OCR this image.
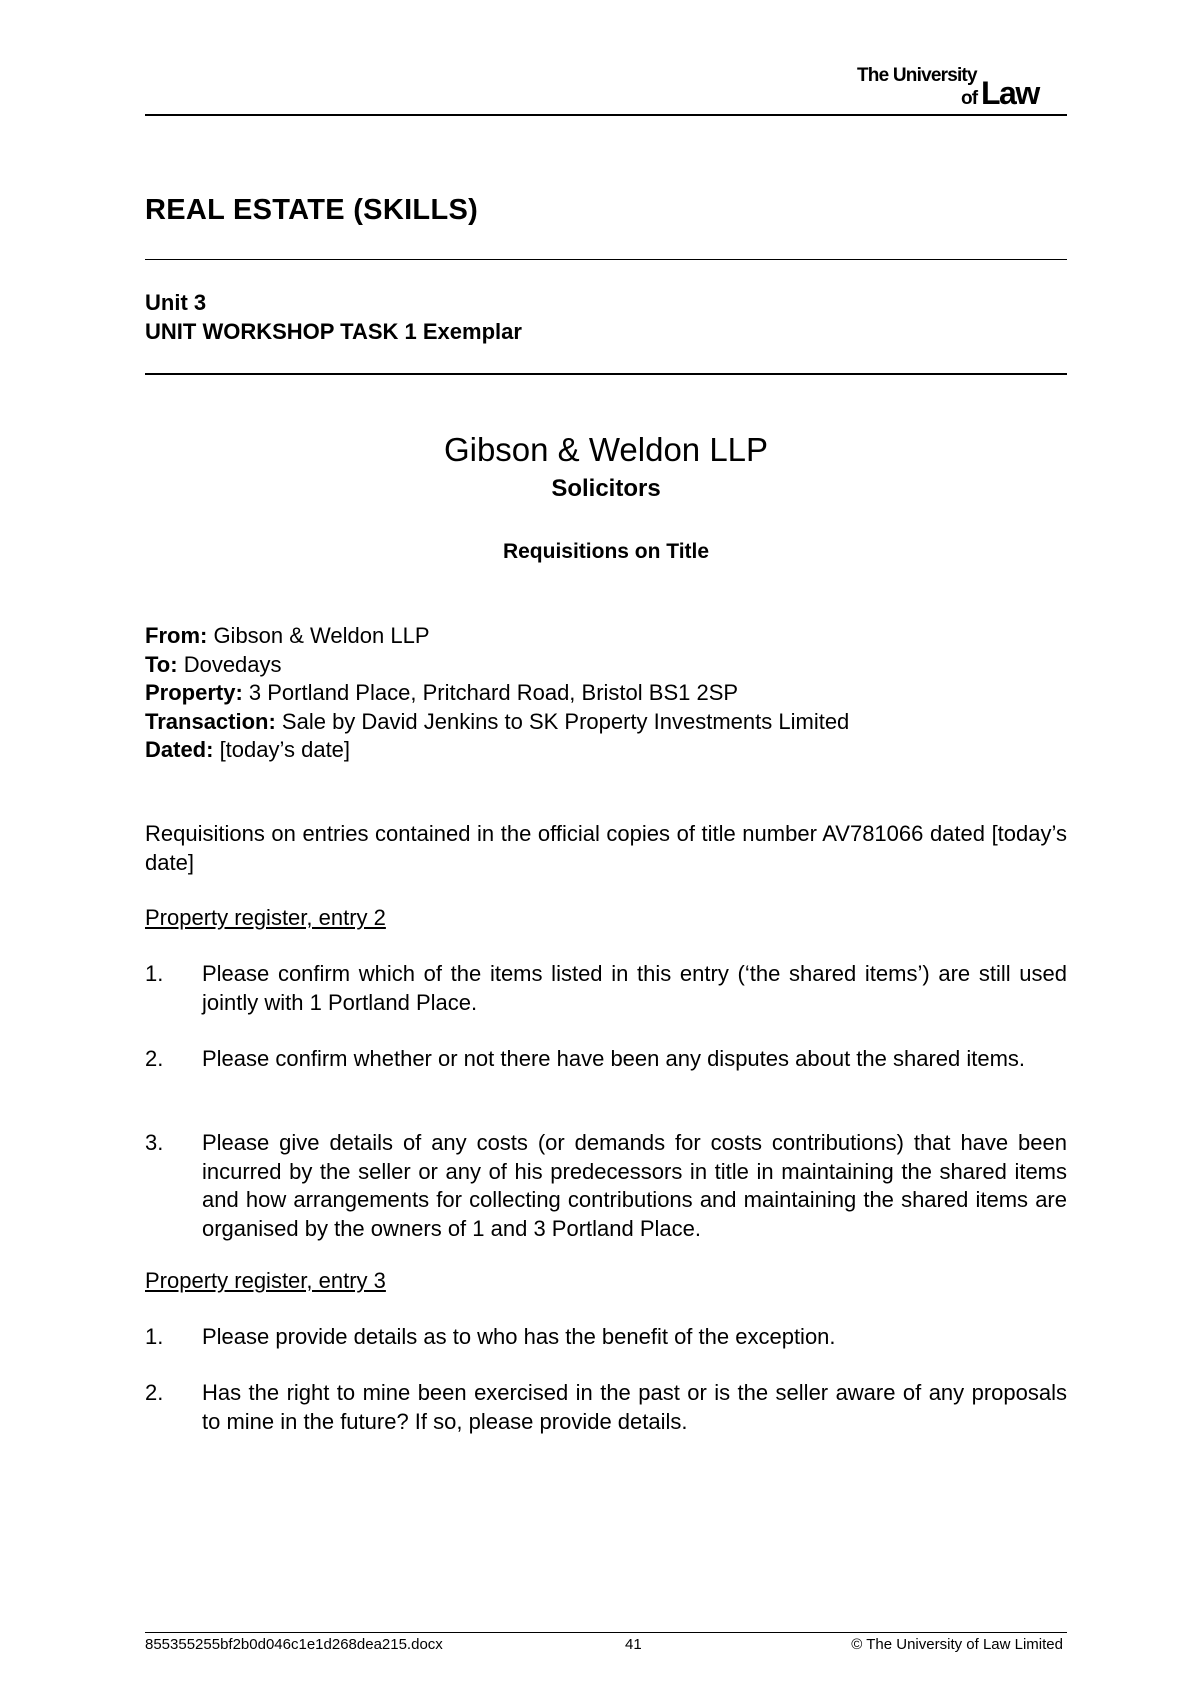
The University
of Law
REAL ESTATE (SKILLS)
Unit 3
UNIT WORKSHOP TASK 1 Exemplar
Gibson & Weldon LLP
Solicitors
Requisitions on Title
From: Gibson & Weldon LLP
To: Dovedays
Property: 3 Portland Place, Pritchard Road, Bristol BS1 2SP
Transaction: Sale by David Jenkins to SK Property Investments Limited
Dated: [today’s date]
Requisitions on entries contained in the official copies of title number AV781066 dated [today’s date]
Property register, entry 2
1. Please confirm which of the items listed in this entry (‘the shared items’) are still used jointly with 1 Portland Place.
2. Please confirm whether or not there have been any disputes about the shared items.
3. Please give details of any costs (or demands for costs contributions) that have been incurred by the seller or any of his predecessors in title in maintaining the shared items and how arrangements for collecting contributions and maintaining the shared items are organised by the owners of 1 and 3 Portland Place.
Property register, entry 3
1. Please provide details as to who has the benefit of the exception.
2. Has the right to mine been exercised in the past or is the seller aware of any proposals to mine in the future? If so, please provide details.
855355255bf2b0d046c1e1d268dea215.docx	41	© The University of Law Limited
